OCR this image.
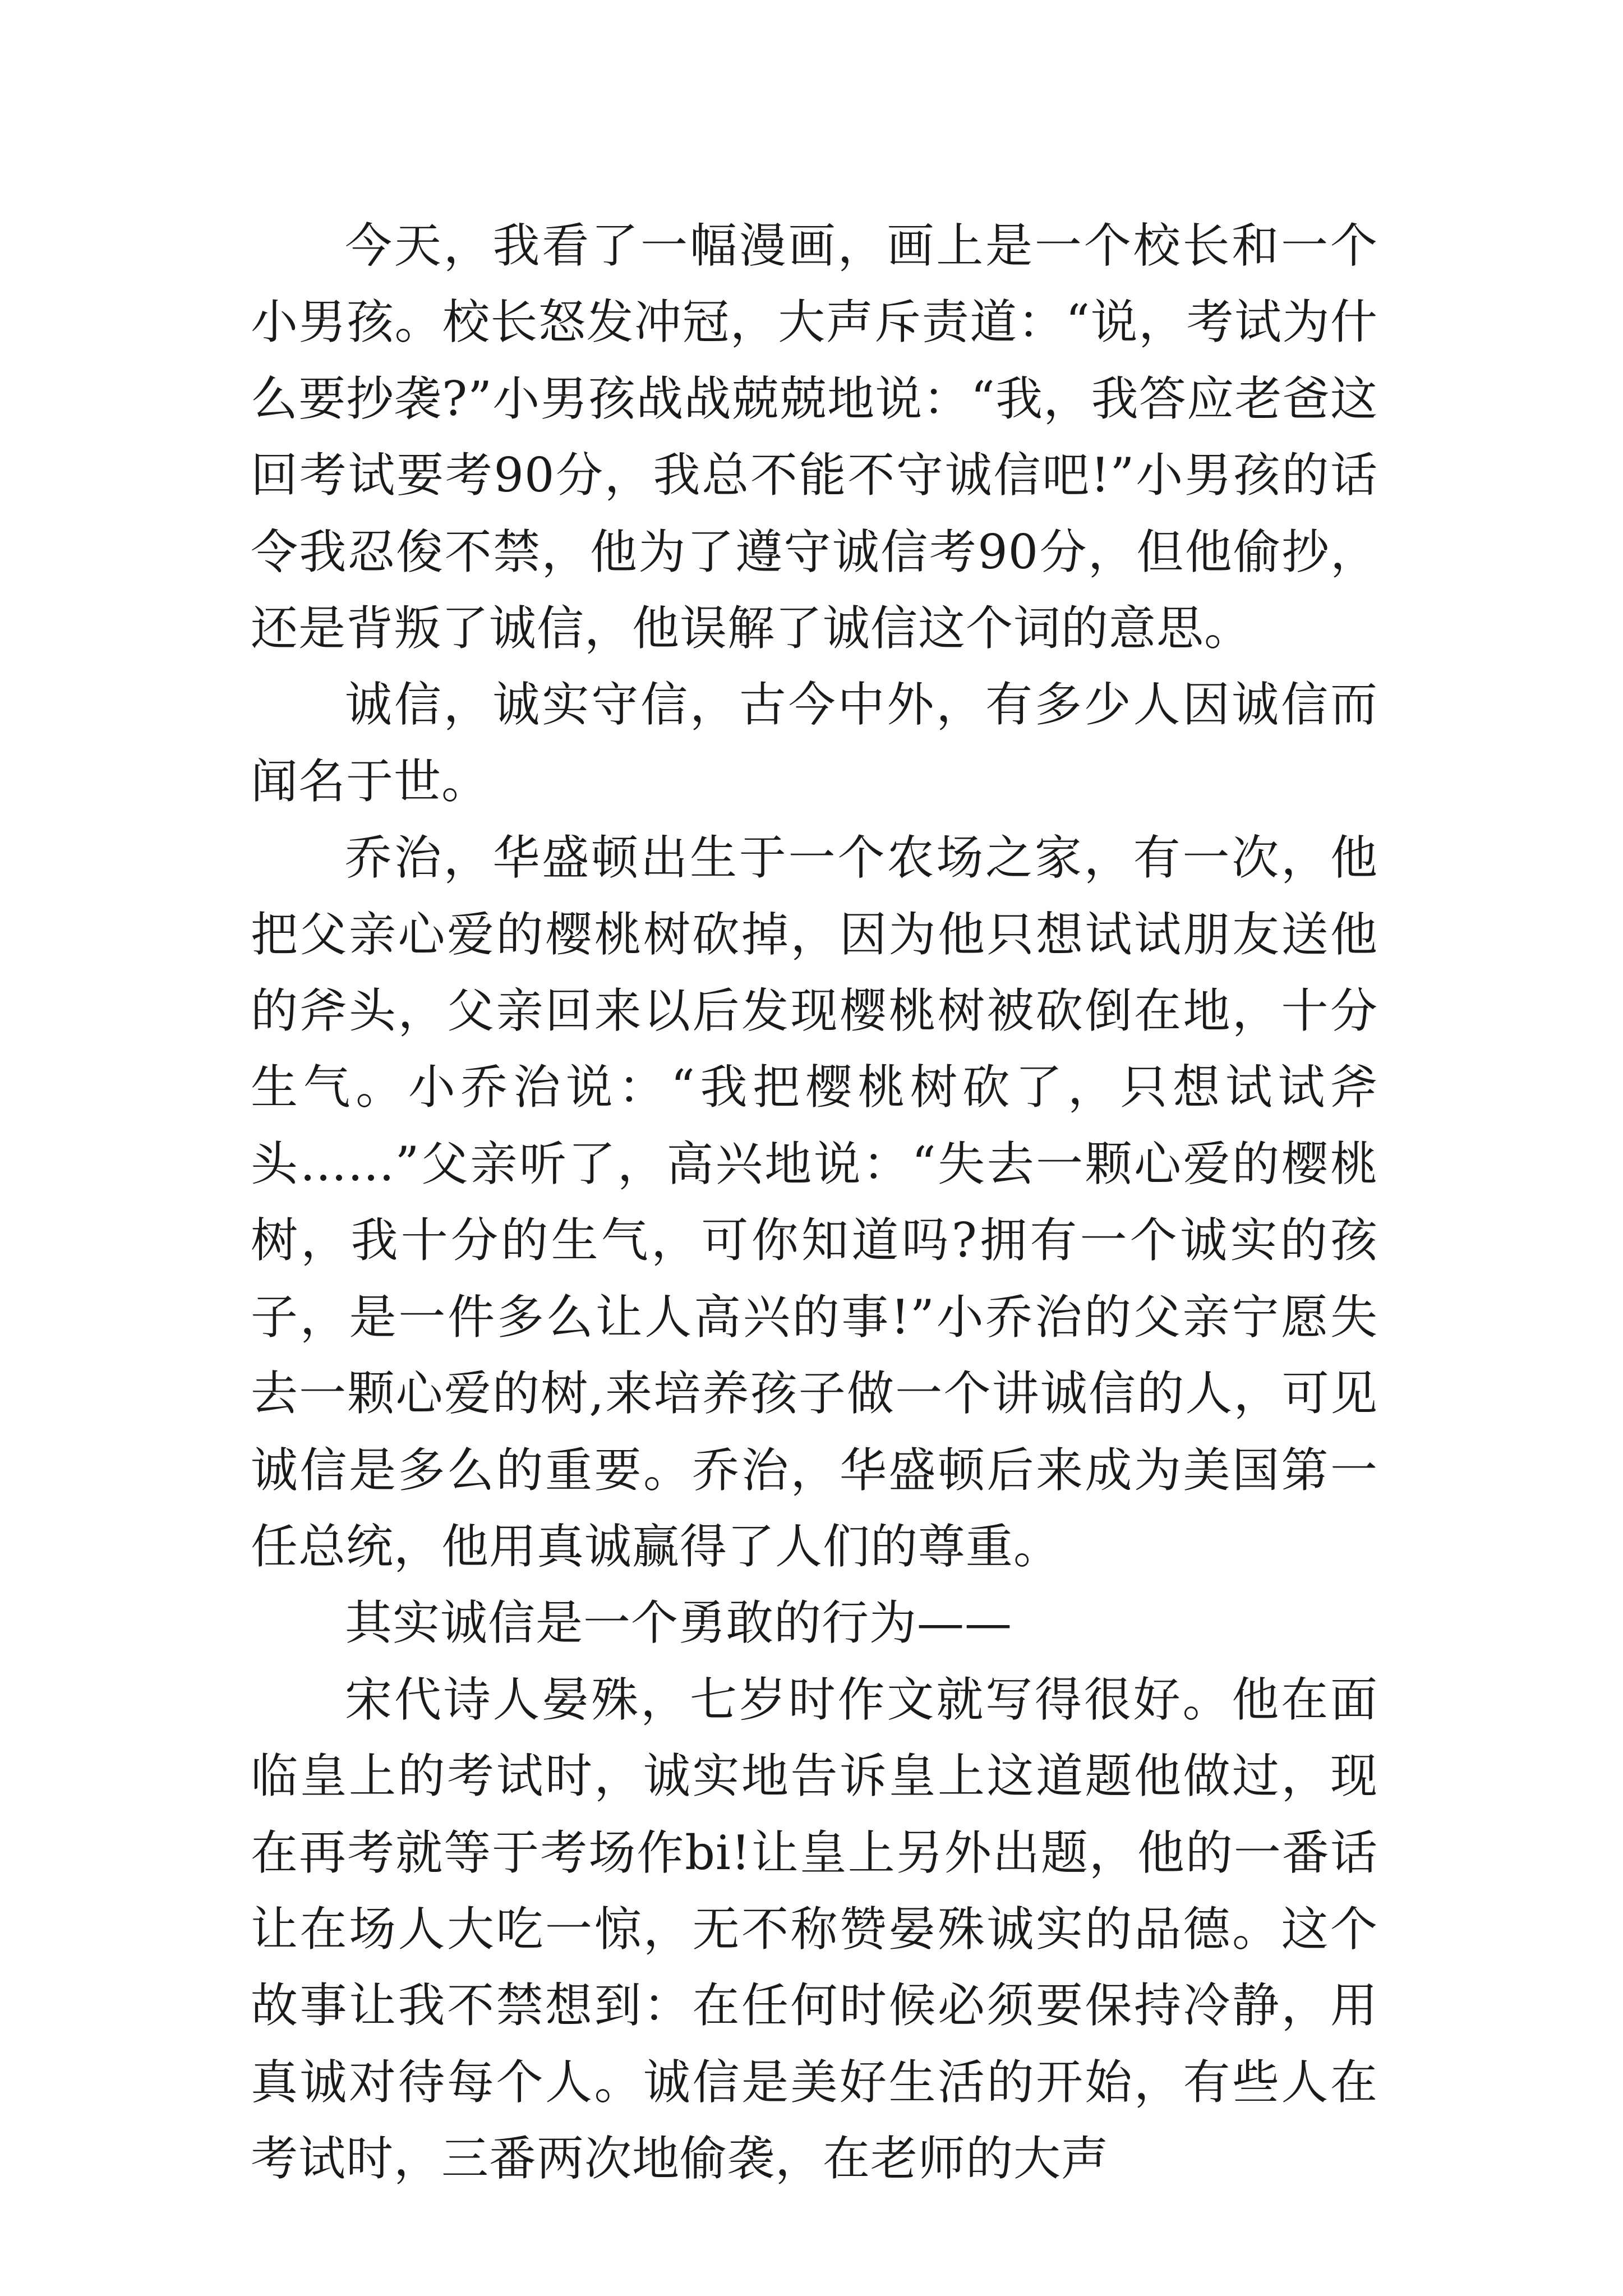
今天，我看了一幅漫画，画上是一个校长和一个小男孩。校长怒发冲冠，大声斥责道：“说，考试为什么要抄袭?”小男孩战战兢兢地说：“我，我答应老爸这回考试要考90分，我总不能不守诚信吧!”小男孩的话令我忍俊不禁，他为了遵守诚信考90分，但他偷抄，还是背叛了诚信，他误解了诚信这个词的意思。

诚信，诚实守信，古今中外，有多少人因诚信而闻名于世。

乔治，华盛顿出生于一个农场之家，有一次，他把父亲心爱的樱桃树砍掉，因为他只想试试朋友送他的斧头，父亲回来以后发现樱桃树被砍倒在地，十分生气。小乔治说：“我把樱桃树砍了，只想试试斧头……”父亲听了，高兴地说：“失去一颗心爱的樱桃树，我十分的生气，可你知道吗?拥有一个诚实的孩子，是一件多么让人高兴的事!”小乔治的父亲宁愿失去一颗心爱的树,来培养孩子做一个讲诚信的人，可见诚信是多么的重要。乔治，华盛顿后来成为美国第一任总统，他用真诚赢得了人们的尊重。

其实诚信是一个勇敢的行为——

宋代诗人晏殊，七岁时作文就写得很好。他在面临皇上的考试时，诚实地告诉皇上这道题他做过，现在再考就等于考场作bi!让皇上另外出题，他的一番话让在场人大吃一惊，无不称赞晏殊诚实的品德。这个故事让我不禁想到：在任何时候必须要保持冷静，用真诚对待每个人。诚信是美好生活的开始，有些人在考试时，三番两次地偷袭，在老师的大声
